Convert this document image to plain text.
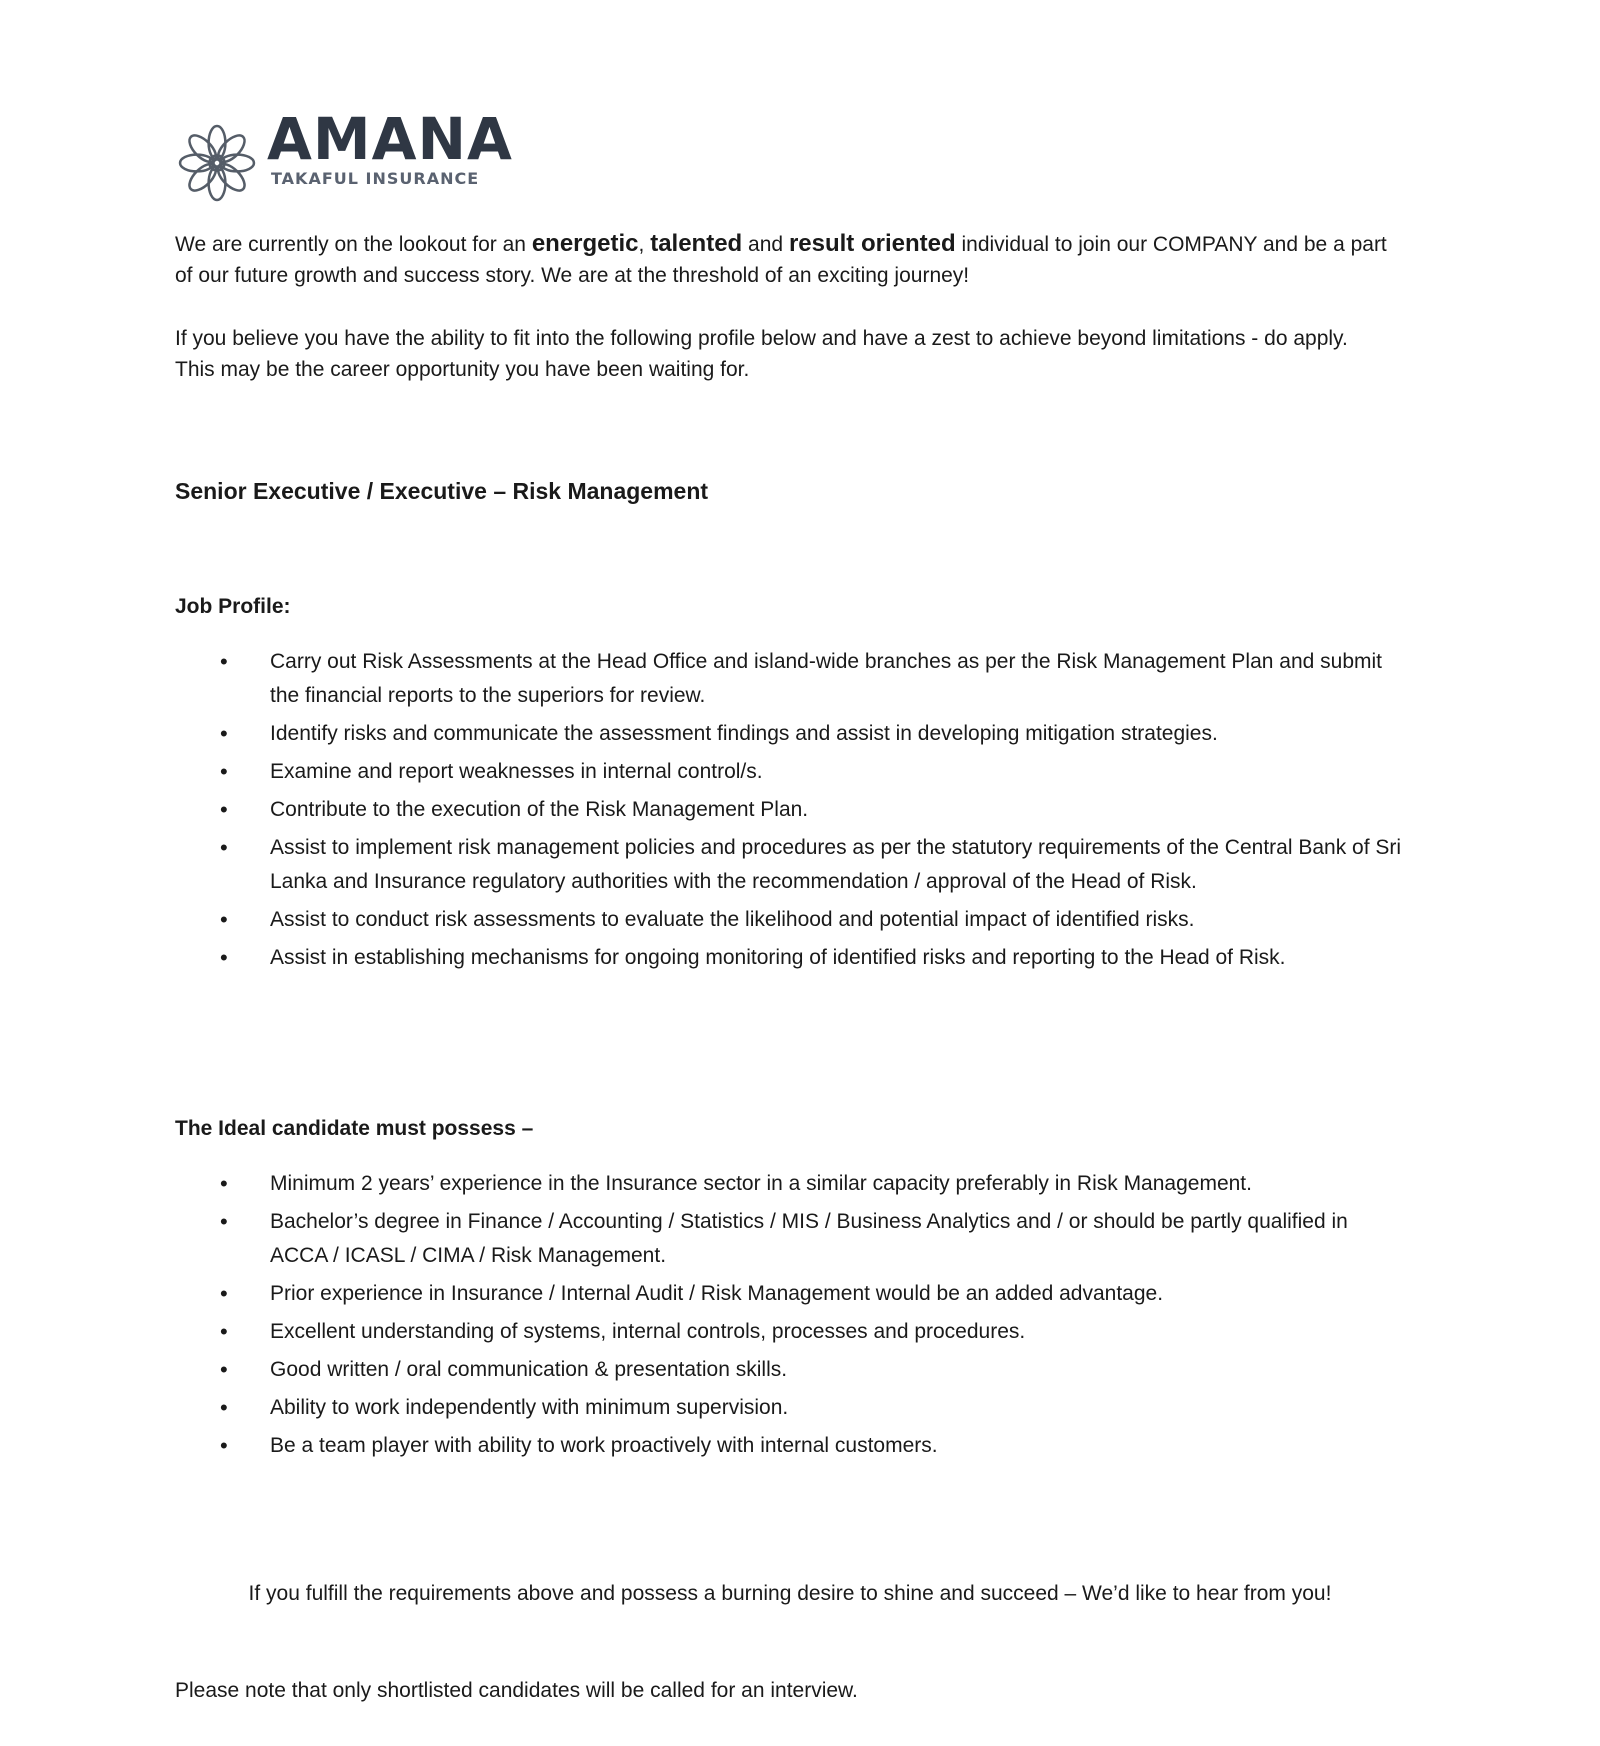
AMANA
TAKAFUL INSURANCE

We are currently on the lookout for an energetic, talented and result oriented individual to join our COMPANY and be a part of our future growth and success story. We are at the threshold of an exciting journey!

If you believe you have the ability to fit into the following profile below and have a zest to achieve beyond limitations - do apply.

This may be the career opportunity you have been waiting for.

Senior Executive / Executive – Risk Management
Job Profile:
• Carry out Risk Assessments at the Head Office and island-wide branches as per the Risk Management Plan and submit the financial reports to the superiors for review.
• Identify risks and communicate the assessment findings and assist in developing mitigation strategies.
• Examine and report weaknesses in internal control/s.
• Contribute to the execution of the Risk Management Plan.
• Assist to implement risk management policies and procedures as per the statutory requirements of the Central Bank of Sri Lanka and Insurance regulatory authorities with the recommendation / approval of the Head of Risk.
• Assist to conduct risk assessments to evaluate the likelihood and potential impact of identified risks.
• Assist in establishing mechanisms for ongoing monitoring of identified risks and reporting to the Head of Risk.
The Ideal candidate must possess –
• Minimum 2 years’ experience in the Insurance sector in a similar capacity preferably in Risk Management.
• Bachelor’s degree in Finance / Accounting / Statistics / MIS / Business Analytics and / or should be partly qualified in ACCA / ICASL / CIMA / Risk Management.
• Prior experience in Insurance / Internal Audit / Risk Management would be an added advantage.
• Excellent understanding of systems, internal controls, processes and procedures.
• Good written / oral communication & presentation skills.
• Ability to work independently with minimum supervision.
• Be a team player with ability to work proactively with internal customers.

If you fulfill the requirements above and possess a burning desire to shine and succeed – We’d like to hear from you!

Please note that only shortlisted candidates will be called for an interview.
